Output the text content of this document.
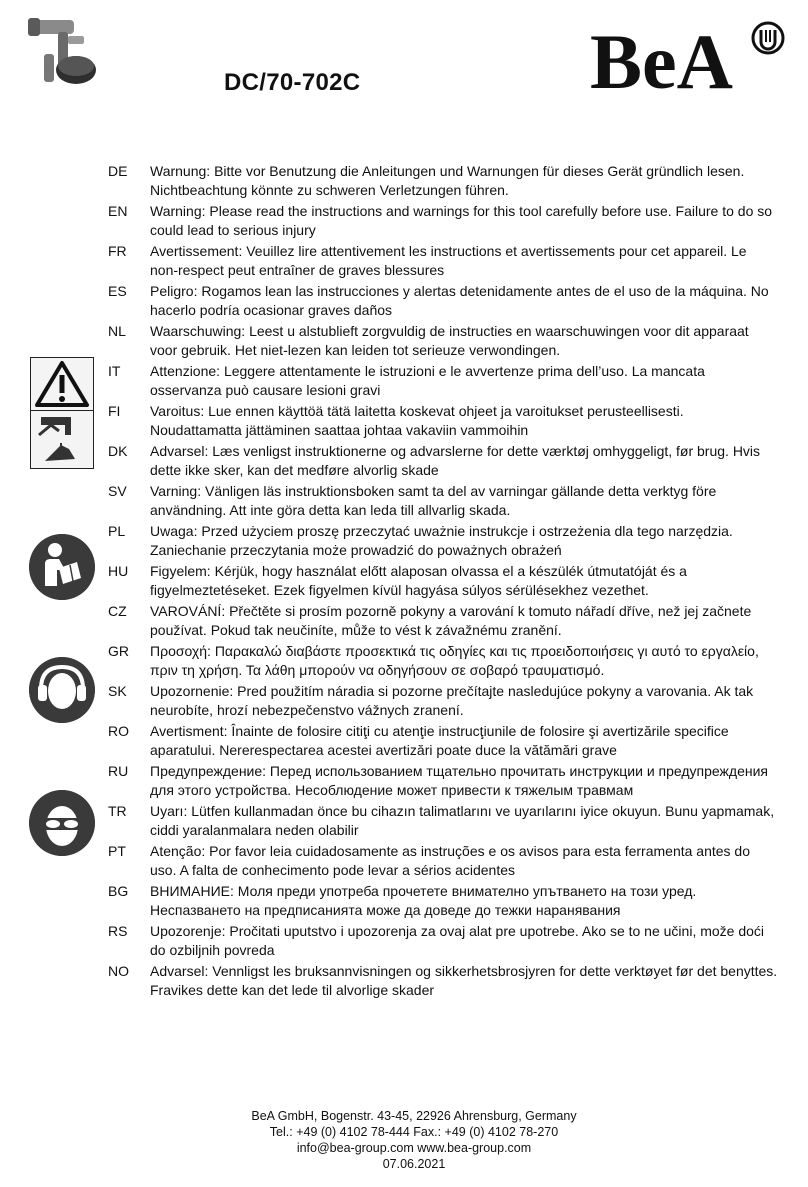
DC/70-702C	BeA
DE	Warnung: Bitte vor Benutzung die Anleitungen und Warnungen für dieses Gerät gründlich lesen. Nichtbeachtung könnte zu schweren Verletzungen führen.
EN	Warning: Please read the instructions and warnings for this tool carefully before use. Failure to do so could lead to serious injury
FR	Avertissement: Veuillez lire attentivement les instructions et avertissements pour cet appareil. Le non-respect peut entraîner de graves blessures
ES	Peligro: Rogamos lean las instrucciones y alertas detenidamente antes de el uso de la máquina. No hacerlo podría ocasionar graves daños
NL	Waarschuwing: Leest u alstublieft zorgvuldig de instructies en waarschuwingen voor dit apparaat voor gebruik. Het niet-lezen kan leiden tot serieuze verwondingen.
IT	Attenzione: Leggere attentamente le istruzioni e le avvertenze prima dell’uso. La mancata osservanza può causare lesioni gravi
FI	Varoitus: Lue ennen käyttöä tätä laitetta koskevat ohjeet ja varoitukset perusteellisesti. Noudattamatta jättäminen saattaa johtaa vakaviin vammoihin
DK	Advarsel: Læs venligst instruktionerne og advarslerne for dette værktøj omhyggeligt, før brug. Hvis dette ikke sker, kan det medføre alvorlig skade
SV	Varning: Vänligen läs instruktionsboken samt ta del av varningar gällande detta verktyg före användning. Att inte göra detta kan leda till allvarlig skada.
PL	Uwaga: Przed użyciem proszę przeczytać uważnie instrukcje i ostrzeżenia dla tego narzędzia. Zaniechanie przeczytania może prowadzić do poważnych obrażeń
HU	Figyelem: Kérjük, hogy használat előtt alaposan olvassa el a készülék útmutatóját és a figyelmeztetéseket. Ezek figyelmen kívül hagyása súlyos sérülésekhez vezethet.
CZ	VAROVÁNÍ: Přečtěte si prosím pozorně pokyny a varování k tomuto nářadí dříve, než jej začnete používat. Pokud tak neučiníte, může to vést k závažnému zranění.
GR	Προσοχή: Παρακαλώ διαβάστε προσεκτικά τις οδηγίες και τις προειδοποιήσεις γι αυτό το εργαλείο, πριν τη χρήση. Τα λάθη μπορούν να οδηγήσουν σε σοβαρό τραυματισμό.
SK	Upozornenie: Pred použitím náradia si pozorne prečítajte nasledujúce pokyny a varovania. Ak tak neurobíte, hrozí nebezpečenstvo vážnych zranení.
RO	Avertisment: Înainte de folosire citiţi cu atenţie instrucţiunile de folosire şi avertizările specifice aparatului. Nererespectarea acestei avertizări poate duce la vătămări grave
RU	Предупреждение: Перед использованием тщательно прочитать инструкции и предупреждения для этого устройства. Несоблюдение может привести к тяжелым травмам
TR	Uyarı: Lütfen kullanmadan önce bu cihazın talimatlarını ve uyarılarını iyice okuyun. Bunu yapmamak, ciddi yaralanmalara neden olabilir
PT	Atenção: Por favor leia cuidadosamente as instruções e os avisos para esta ferramenta antes do uso. A falta de conhecimento pode levar a sérios acidentes
BG	ВНИМАНИЕ: Моля преди употреба прочетете внимателно упътването на този уред. Неспазването на предписанията може да доведе до тежки наранявания
RS	Upozorenje: Pročitati uputstvo i upozorenja za ovaj alat pre upotrebe. Ako se to ne učini, može doći do ozbiljnih povreda
NO	Advarsel: Vennligst les bruksannvisningen og sikkerhetsbrosjyren for dette verktøyet før det benyttes. Fravikes dette kan det lede til alvorlige skader
BeA GmbH, Bogenstr. 43-45, 22926 Ahrensburg, Germany
Tel.: +49 (0) 4102 78-444 Fax.: +49 (0) 4102 78-270
info@bea-group.com www.bea-group.com
07.06.2021
